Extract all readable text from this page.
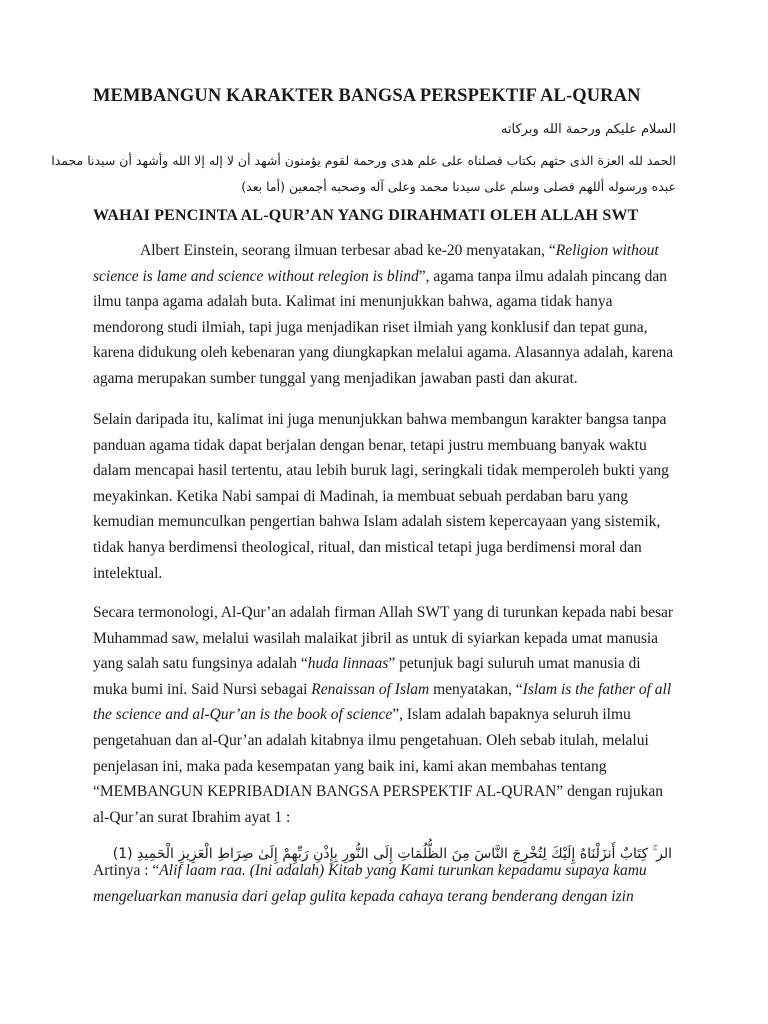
MEMBANGUN KARAKTER BANGSA PERSPEKTIF AL-QURAN
السلام عليكم ورحمة الله وبركاته
الحمد لله العزة الذى حثهم بكتاب فصلناه على علم هدى ورحمة لقوم يؤمنون أشهد أن لا إله إلا الله وأشهد أن سيدنا محمدا
عبده ورسوله أللهم فصلى وسلم على سيدنا محمد وعلى آله وصحبه أجمعين (أما بعد)
WAHAI PENCINTA AL-QUR’AN YANG DIRAHMATI OLEH ALLAH SWT

Albert Einstein, seorang ilmuan terbesar abad ke-20 menyatakan, “Religion without
science is lame and science without relegion is blind”, agama tanpa ilmu adalah pincang dan
ilmu tanpa agama adalah buta. Kalimat ini menunjukkan bahwa, agama tidak hanya
mendorong studi ilmiah, tapi juga menjadikan riset ilmiah yang konklusif dan tepat guna,
karena didukung oleh kebenaran yang diungkapkan melalui agama. Alasannya adalah, karena
agama merupakan sumber tunggal yang menjadikan jawaban pasti dan akurat.

Selain daripada itu, kalimat ini juga menunjukkan bahwa membangun karakter bangsa tanpa
panduan agama tidak dapat berjalan dengan benar, tetapi justru membuang banyak waktu
dalam mencapai hasil tertentu, atau lebih buruk lagi, seringkali tidak memperoleh bukti yang
meyakinkan. Ketika Nabi sampai di Madinah, ia membuat sebuah perdaban baru yang
kemudian memunculkan pengertian bahwa Islam adalah sistem kepercayaan yang sistemik,
tidak hanya berdimensi theological, ritual, dan mistical tetapi juga berdimensi moral dan
intelektual.

Secara termonologi, Al-Qur’an adalah firman Allah SWT yang di turunkan kepada nabi besar
Muhammad saw, melalui wasilah malaikat jibril as untuk di syiarkan kepada umat manusia
yang salah satu fungsinya adalah “huda linnaas” petunjuk bagi suluruh umat manusia di
muka bumi ini. Said Nursi sebagai Renaissan of Islam menyatakan, “Islam is the father of all
the science and al-Qur’an is the book of science”, Islam adalah bapaknya seluruh ilmu
pengetahuan dan al-Qur’an adalah kitabnya ilmu pengetahuan. Oleh sebab itulah, melalui
penjelasan ini, maka pada kesempatan yang baik ini, kami akan membahas tentang
“MEMBANGUN KEPRIBADIAN BANGSA PERSPEKTIF AL-QURAN” dengan rujukan
al-Qur’an surat Ibrahim ayat 1 :

الر ۚ كِتَابٌ أَنزَلْنَاهُ إِلَيْكَ لِتُخْرِجَ النَّاسَ مِنَ الظُّلُمَاتِ إِلَى النُّورِ بِإِذْنِ رَبِّهِمْ إِلَىٰ صِرَاطِ الْعَزِيزِ الْحَمِيدِ (1)

Artinya : “Alif laam raa. (Ini adalah) Kitab yang Kami turunkan kepadamu supaya kamu
mengeluarkan manusia dari gelap gulita kepada cahaya terang benderang dengan izin
